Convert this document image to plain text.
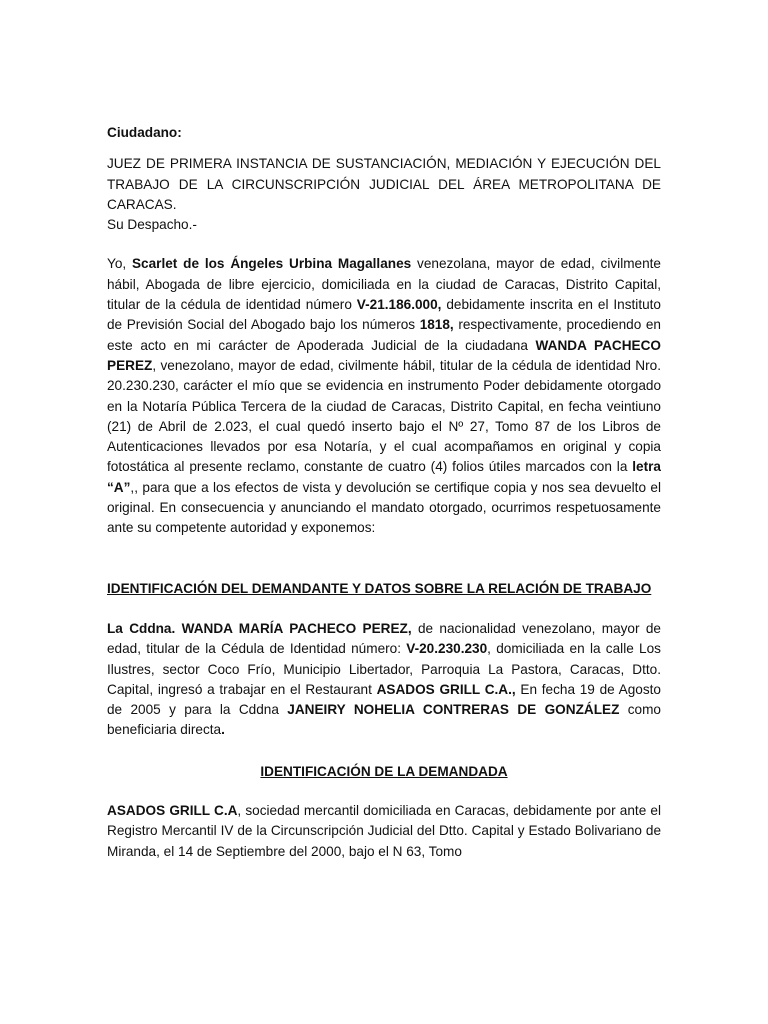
Ciudadano:

JUEZ DE PRIMERA INSTANCIA DE SUSTANCIACIÓN, MEDIACIÓN Y EJECUCIÓN DEL TRABAJO DE LA CIRCUNSCRIPCIÓN JUDICIAL DEL ÁREA METROPOLITANA DE CARACAS.
Su Despacho.-

Yo, Scarlet de los Ángeles Urbina Magallanes venezolana, mayor de edad, civilmente hábil, Abogada de libre ejercicio, domiciliada en la ciudad de Caracas, Distrito Capital, titular de la cédula de identidad número V-21.186.000, debidamente inscrita en el Instituto de Previsión Social del Abogado bajo los números 1818, respectivamente, procediendo en este acto en mi carácter de Apoderada Judicial de la ciudadana WANDA PACHECO PEREZ, venezolano, mayor de edad, civilmente hábil, titular de la cédula de identidad Nro. 20.230.230, carácter el mío que se evidencia en instrumento Poder debidamente otorgado en la Notaría Pública Tercera de la ciudad de Caracas, Distrito Capital, en fecha veintiuno (21) de Abril de 2.023, el cual quedó inserto bajo el Nº 27, Tomo 87 de los Libros de Autenticaciones llevados por esa Notaría, y el cual acompañamos en original y copia fotostática al presente reclamo, constante de cuatro (4) folios útiles marcados con la letra “A”,, para que a los efectos de vista y devolución se certifique copia y nos sea devuelto el original. En consecuencia y anunciando el mandato otorgado, ocurrimos respetuosamente ante su competente autoridad y exponemos:

IDENTIFICACIÓN DEL DEMANDANTE Y DATOS SOBRE LA RELACIÓN DE TRABAJO

La Cddna. WANDA MARÍA PACHECO PEREZ, de nacionalidad venezolano, mayor de edad, titular de la Cédula de Identidad número: V-20.230.230, domiciliada en la calle Los Ilustres, sector Coco Frío, Municipio Libertador, Parroquia La Pastora, Caracas, Dtto. Capital, ingresó a trabajar en el Restaurant ASADOS GRILL C.A., En fecha 19 de Agosto de 2005 y para la Cddna JANEIRY NOHELIA CONTRERAS DE GONZÁLEZ como beneficiaria directa.

IDENTIFICACIÓN DE LA DEMANDADA

ASADOS GRILL C.A, sociedad mercantil domiciliada en Caracas, debidamente por ante el Registro Mercantil IV de la Circunscripción Judicial del Dtto. Capital y Estado Bolivariano de Miranda, el 14 de Septiembre del 2000, bajo el N 63, Tomo
